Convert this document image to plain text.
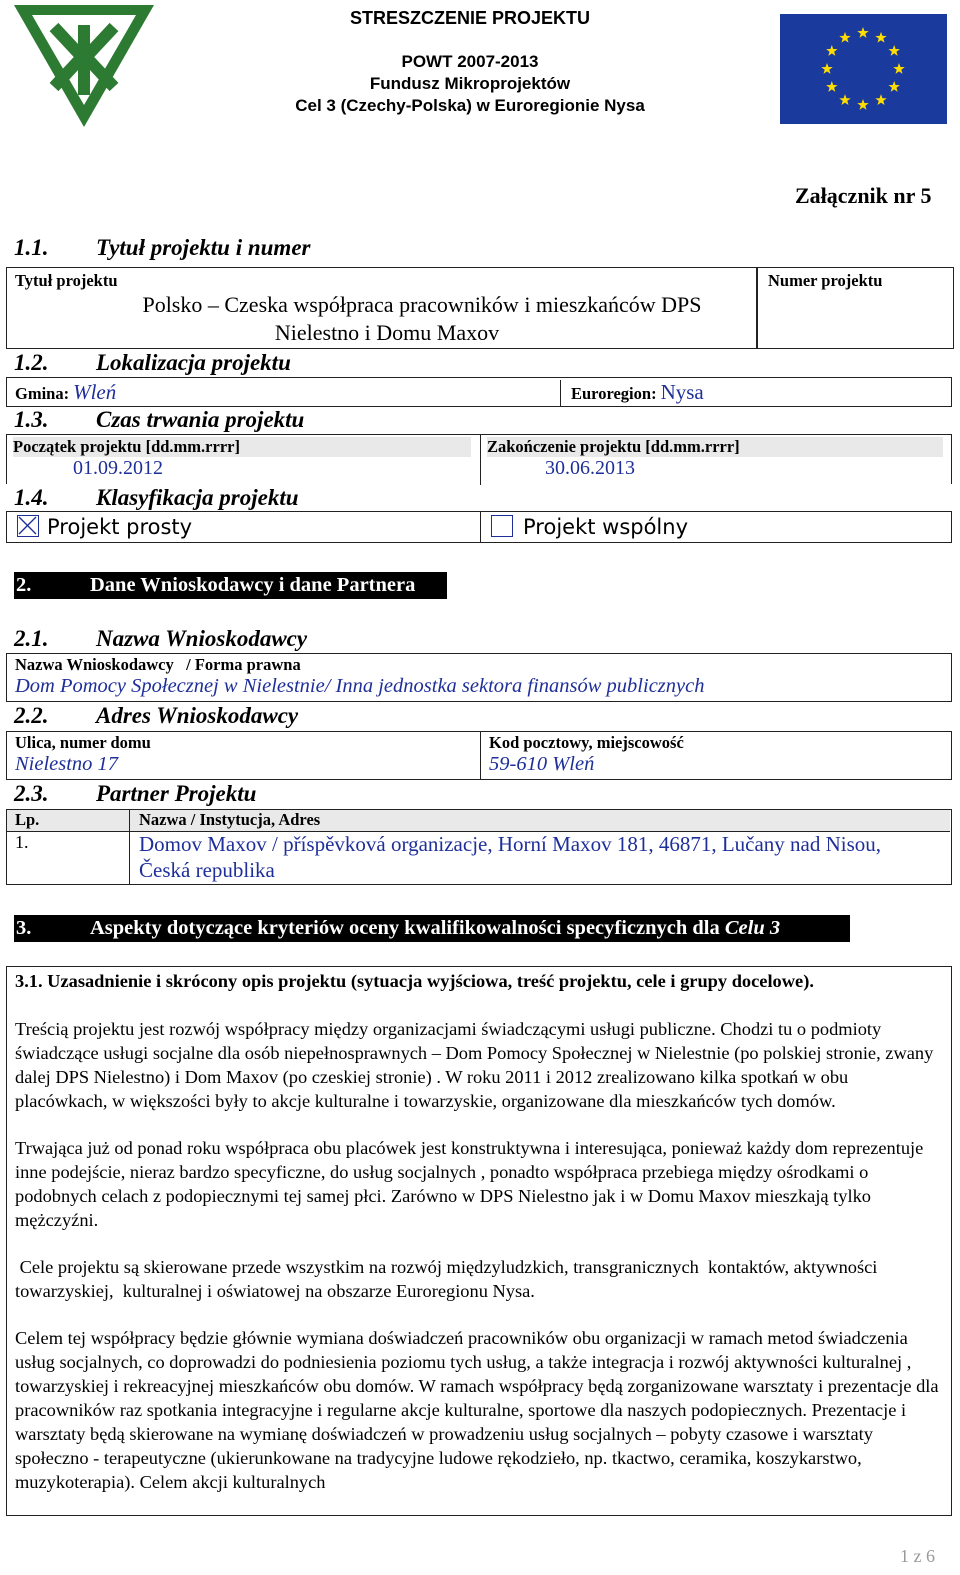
STRESZCZENIE PROJEKTU
POWT 2007-2013
Fundusz Mikroprojektów
Cel 3 (Czechy-Polska) w Euroregionie Nysa
Załącznik nr 5
1.1. Tytuł projektu i numer
Tytuł projektu
Polsko – Czeska współpraca pracowników i mieszkańców DPS
Nielestno i Domu Maxov
Numer projektu
1.2. Lokalizacja projektu
Gmina: Wleń	Euroregion: Nysa
1.3. Czas trwania projektu
Początek projektu [dd.mm.rrrr]
01.09.2012
Zakończenie projektu [dd.mm.rrrr]
30.06.2013
1.4. Klasyfikacja projektu
Projekt prosty	Projekt wspólny
2.	Dane Wnioskodawcy i dane Partnera
2.1. Nazwa Wnioskodawcy
Nazwa Wnioskodawcy   / Forma prawna
Dom Pomocy Społecznej w Nielestnie/ Inna jednostka sektora finansów publicznych
2.2. Adres Wnioskodawcy
Ulica, numer domu
Nielestno 17
Kod pocztowy, miejscowość
59-610 Wleń
2.3. Partner Projektu
Lp.	Nazwa / Instytucja, Adres
1.	Domov Maxov / příspěvková organizacje, Horní Maxov 181, 46871, Lučany nad Nisou,
Česká republika
3.	Aspekty dotyczące kryteriów oceny kwalifikowalności specyficznych dla Celu 3
3.1. Uzasadnienie i skrócony opis projektu (sytuacja wyjściowa, treść projektu, cele i grupy docelowe).

Treścią projektu jest rozwój współpracy między organizacjami świadczącymi usługi publiczne. Chodzi tu o podmioty świadczące usługi socjalne dla osób niepełnosprawnych – Dom Pomocy Społecznej w Nielestnie (po polskiej stronie, zwany dalej DPS Nielestno) i Dom Maxov (po czeskiej stronie) . W roku 2011 i 2012 zrealizowano kilka spotkań w obu placówkach, w większości były to akcje kulturalne i towarzyskie, organizowane dla mieszkańców tych domów.

Trwająca już od ponad roku współpraca obu placówek jest konstruktywna i interesująca, ponieważ każdy dom reprezentuje inne podejście, nieraz bardzo specyficzne, do usług socjalnych , ponadto współpraca przebiega między ośrodkami o podobnych celach z podopiecznymi tej samej płci. Zarówno w DPS Nielestno jak i w Domu Maxov mieszkają tylko mężczyźni.

Cele projektu są skierowane przede wszystkim na rozwój międzyludzkich, transgranicznych  kontaktów, aktywności towarzyskiej,  kulturalnej i oświatowej na obszarze Euroregionu Nysa.

Celem tej współpracy będzie głównie wymiana doświadczeń pracowników obu organizacji w ramach metod świadczenia usług socjalnych, co doprowadzi do podniesienia poziomu tych usług, a także integracja i rozwój aktywności kulturalnej , towarzyskiej i rekreacyjnej mieszkańców obu domów. W ramach współpracy będą zorganizowane warsztaty i prezentacje dla pracowników raz spotkania integracyjne i regularne akcje kulturalne, sportowe dla naszych podopiecznych. Prezentacje i warsztaty będą skierowane na wymianę doświadczeń w prowadzeniu usług socjalnych – pobyty czasowe i warsztaty społeczno - terapeutyczne (ukierunkowane na tradycyjne ludowe rękodzieło, np. tkactwo, ceramika, koszykarstwo, muzykoterapia). Celem akcji kulturalnych

1 z 6
